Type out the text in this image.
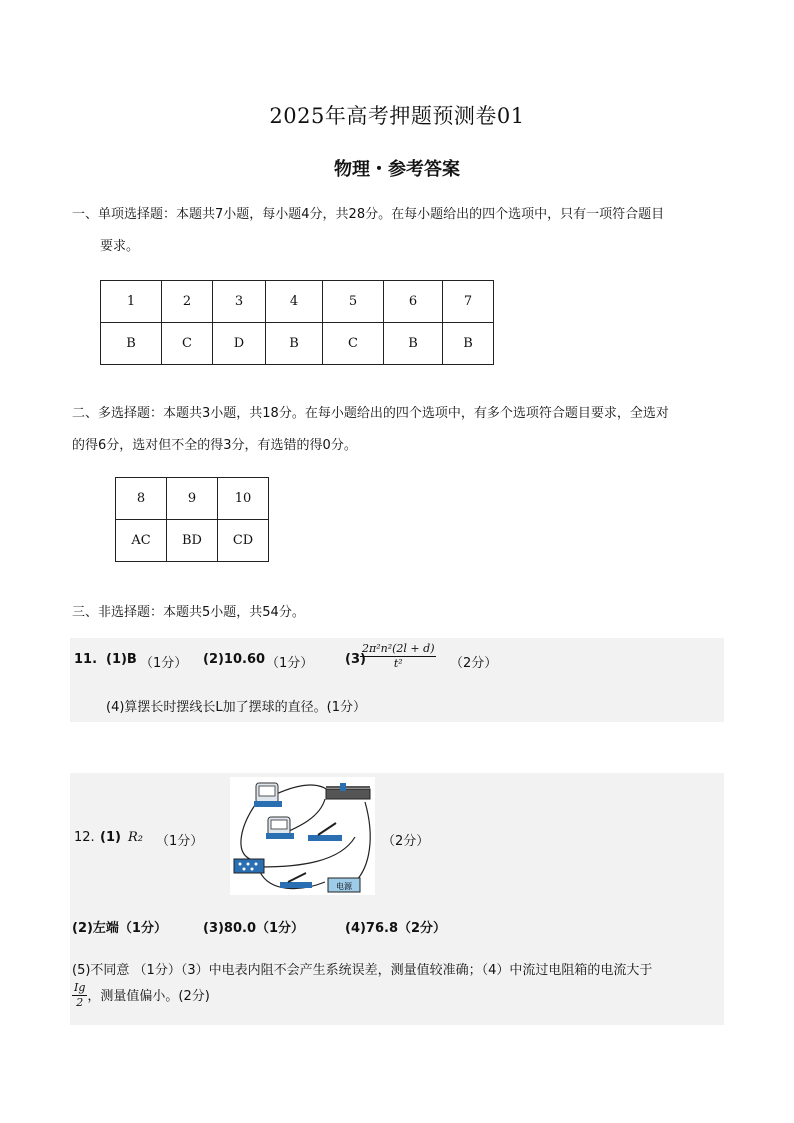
2025年高考押题预测卷01
物理・参考答案
一、单项选择题：本题共7小题，每小题4分，共28分。在每小题给出的四个选项中，只有一项符合题目
要求。
1	2	3	4	5	6	7
B	C	D	B	C	B	B
二、多选择题：本题共3小题，共18分。在每小题给出的四个选项中，有多个选项符合题目要求，全选对
的得6分，选对但不全的得3分，有选错的得0分。
8	9	10
AC	BD	CD
三、非选择题：本题共5小题，共54分。
11. (1)B （1分） (2)10.60 （1分） (3)
$\frac{\text{2π²n²(2l + d)}}{\text{t²}} (2$分）
(4)算摆长时摆线长L加了摆球的直径。(1分）
12. (1) R₂ （1分）
电源
（2分）
(2)左端（1分）	(3)80.0（1分）	(4)76.8（2分）
(5)不同意 （1分）（3）中电表内阻不会产生系统误差，测量值较准确；（4）中流过电阻箱的电流大于
$\frac{Ig}{2}$ ，测量值偏小。(2分)
